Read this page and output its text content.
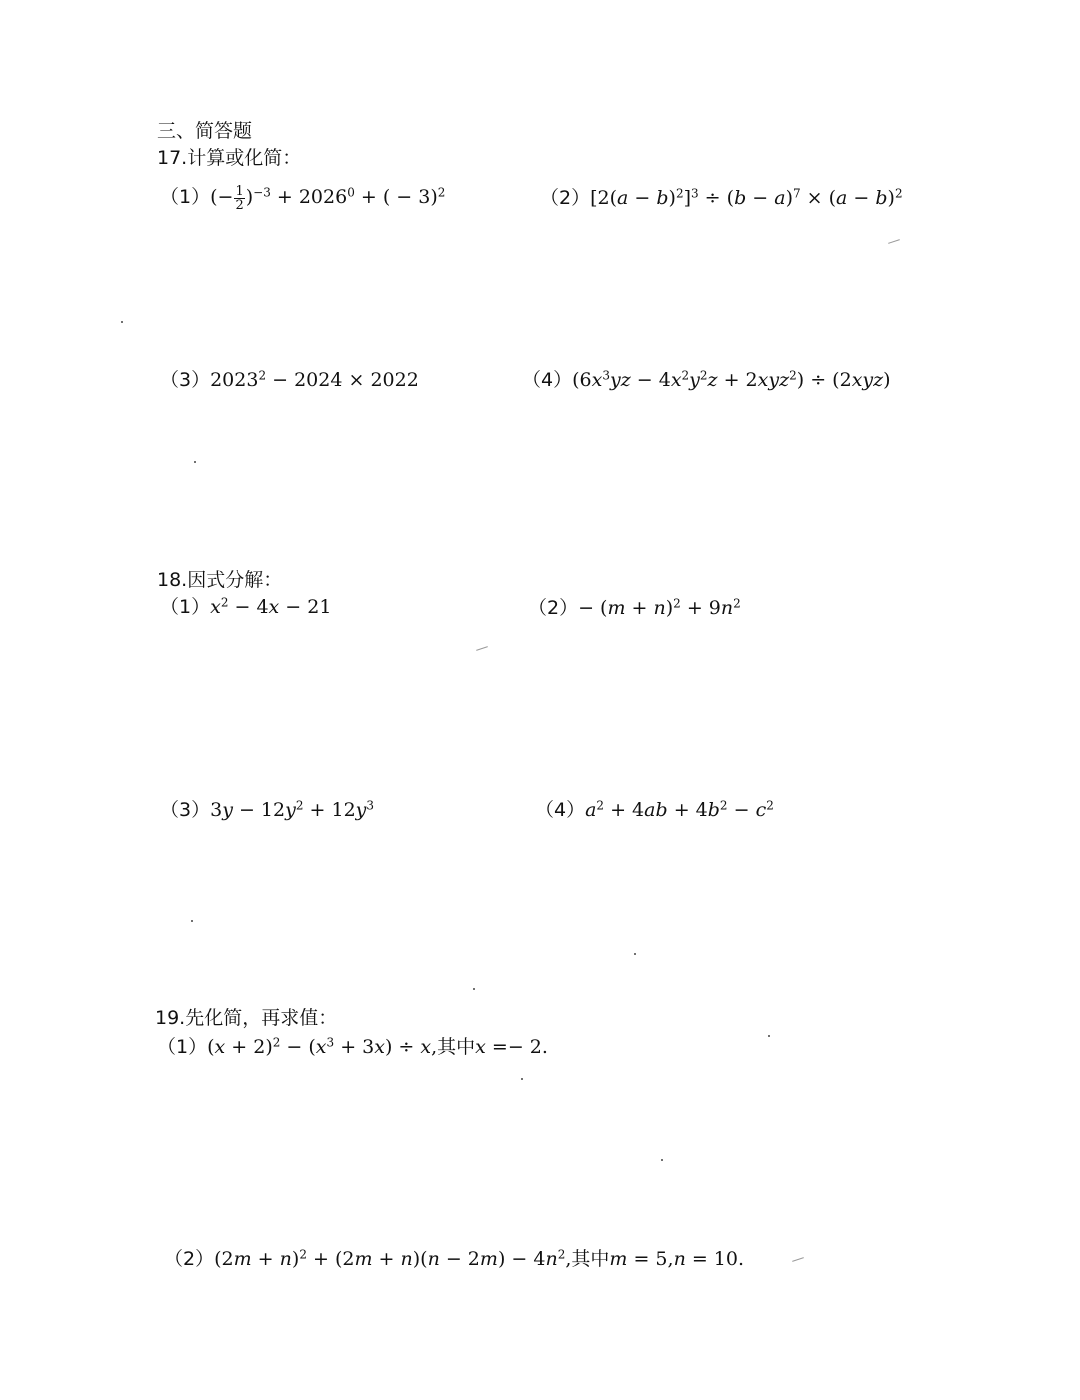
三、简答题
17.计算或化简：
$(1)(- \frac{1}{2} )^{-3} + 2026^0$ + ( − 3)$^2$	$(2)[2(a - b)^2]^3 \div (b - a)^7 \times (a - b)^2$
$(3)2023^2 - 2024 \times 2022$	$(4)(6x^3yz - 4x^2y^2z + 2xyz^2) \div (2xyz)$
18.因式分解：
$(1)x^2 - 4x - 21$	$(2)- (m + n)^2 + 9n^2$
$(3)3y - 12y^2 + 12y^3$	$(4)a^2 + 4ab + 4b^2 - c^2$
19.先化简，再求值：
$(1)(x + 2)^2 - (x^3 + 3x) \div x$,其中x =− 2.
$(2)(2m + n)^2 + (2m + n)(n - 2m) - 4n^2$,其中m = 5,n = 10.
